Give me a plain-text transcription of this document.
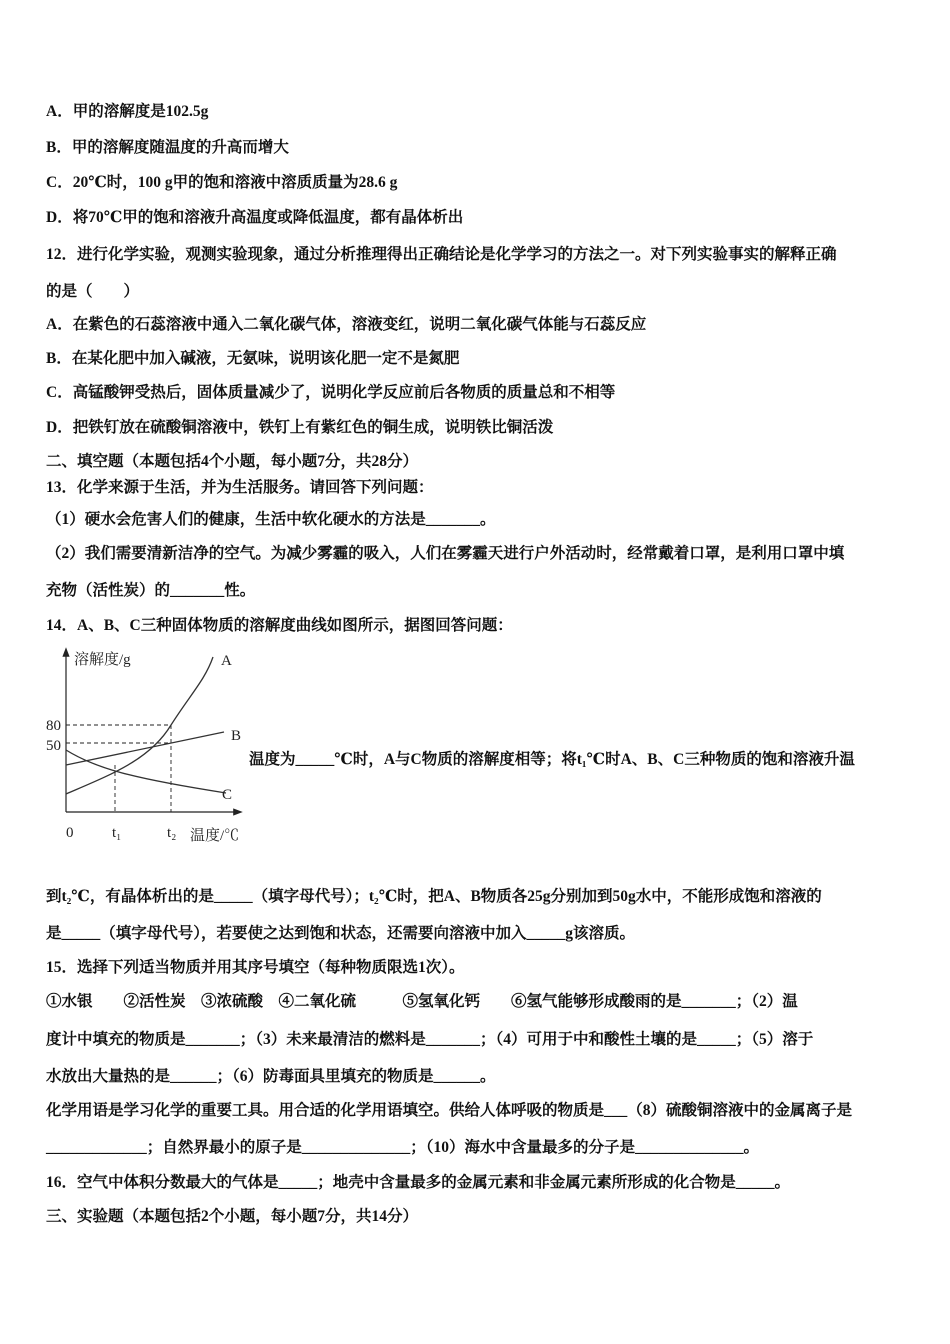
A．甲的溶解度是102.5g
B．甲的溶解度随温度的升高而增大
C．20℃时，100 g甲的饱和溶液中溶质质量为28.6 g
D．将70℃甲的饱和溶液升高温度或降低温度，都有晶体析出
12．进行化学实验，观测实验现象，通过分析推理得出正确结论是化学学习的方法之一。对下列实验事实的解释正确
的是（　　）
A．在紫色的石蕊溶液中通入二氧化碳气体，溶液变红，说明二氧化碳气体能与石蕊反应
B．在某化肥中加入碱液，无氨味，说明该化肥一定不是氮肥
C．高锰酸钾受热后，固体质量减少了，说明化学反应前后各物质的质量总和不相等
D．把铁钉放在硫酸铜溶液中，铁钉上有紫红色的铜生成，说明铁比铜活泼
二、填空题（本题包括4个小题，每小题7分，共28分）
13．化学来源于生活，并为生活服务。请回答下列问题：
（1）硬水会危害人们的健康，生活中软化硬水的方法是_______。
（2）我们需要清新洁净的空气。为减少雾霾的吸入，人们在雾霾天进行户外活动时，经常戴着口罩，是利用口罩中填
充物（活性炭）的_______性。
14．A、B、C三种固体物质的溶解度曲线如图所示，据图回答问题：
溶解度/g
温度/℃
0
80
50
t₁	t₂
A
B
C
温度为_____℃时，A与C物质的溶解度相等；将t₁℃时A、B、C三种物质的饱和溶液升温
到t₂℃，有晶体析出的是_____（填字母代号）；t₂℃时，把A、B物质各25g分别加到50g水中，不能形成饱和溶液的
是_____（填字母代号），若要使之达到饱和状态，还需要向溶液中加入_____g该溶质。
15．选择下列适当物质并用其序号填空（每种物质限选1次）。
①水银　　②活性炭　③浓硫酸　④二氧化硫　　　⑤氢氧化钙　　⑥氢气能够形成酸雨的是_______；（2）温
度计中填充的物质是_______；（3）未来最清洁的燃料是_______；（4）可用于中和酸性土壤的是_____；（5）溶于
水放出大量热的是______；（6）防毒面具里填充的物质是______。
化学用语是学习化学的重要工具。用合适的化学用语填空。供给人体呼吸的物质是___（8）硫酸铜溶液中的金属离子是
_____________；自然界最小的原子是______________；（10）海水中含量最多的分子是______________。
16．空气中体积分数最大的气体是_____；地壳中含量最多的金属元素和非金属元素所形成的化合物是_____。
三、实验题（本题包括2个小题，每小题7分，共14分）
